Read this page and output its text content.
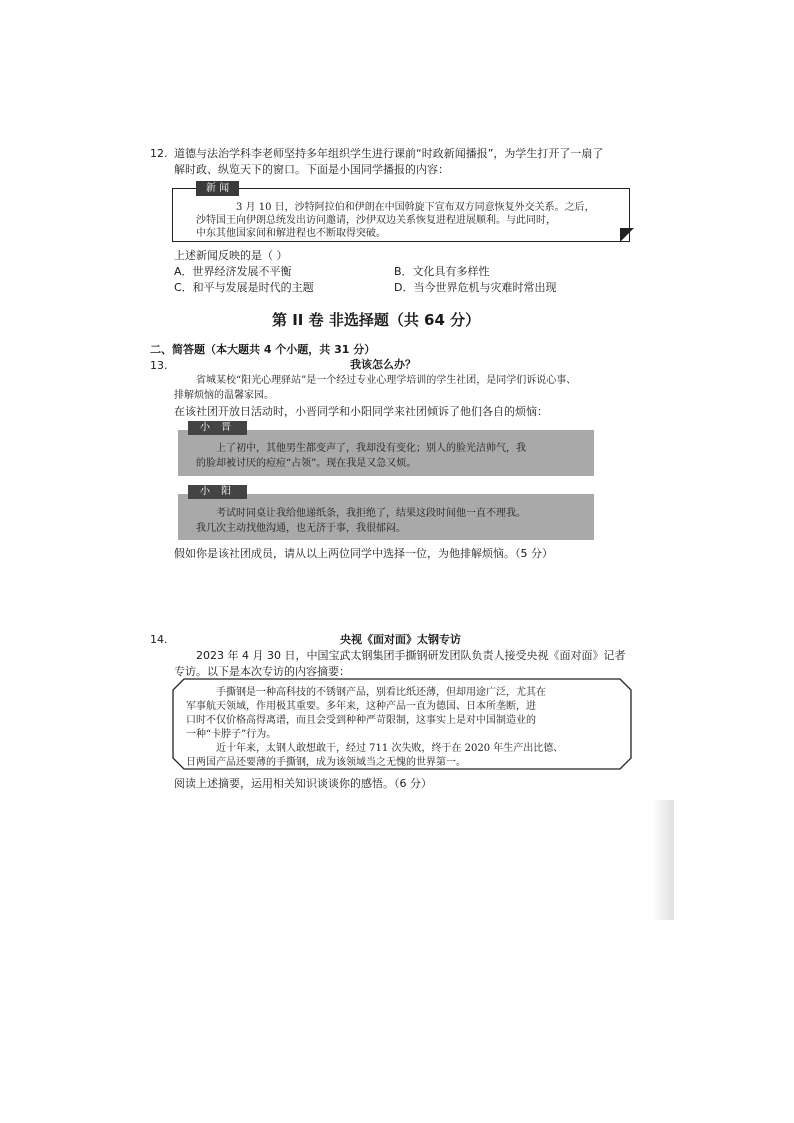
12. 道德与法治学科李老师坚持多年组织学生进行课前“时政新闻播报”，为学生打开了一扇了
解时政、纵览天下的窗口。下面是小国同学播报的内容：
新 闻
3 月 10 日，沙特阿拉伯和伊朗在中国斡旋下宣布双方同意恢复外交关系。之后，
沙特国王向伊朗总统发出访问邀请，沙伊双边关系恢复进程进展顺利。与此同时，
中东其他国家间和解进程也不断取得突破。
上述新闻反映的是（ ）
A．世界经济发展不平衡	B．文化具有多样性
C．和平与发展是时代的主题	D．当今世界危机与灾难时常出现
第 II 卷 非选择题（共 64 分）
二、简答题（本大题共 4 个小题，共 31 分）
13.	我该怎么办？
省城某校“阳光心理驿站”是一个经过专业心理学培训的学生社团，是同学们诉说心事、
排解烦恼的温馨家园。
在该社团开放日活动时，小晋同学和小阳同学来社团倾诉了他们各自的烦恼：
小 晋
上了初中，其他男生都变声了，我却没有变化；别人的脸光洁帅气，我
的脸却被讨厌的痘痘“占领”。现在我是又急又烦。
小 阳
考试时同桌让我给他递纸条，我拒绝了，结果这段时间他一直不理我。
我几次主动找他沟通，也无济于事，我很郁闷。
假如你是该社团成员，请从以上两位同学中选择一位，为他排解烦恼。（5 分）
14.	央视《面对面》太钢专访
2023 年 4 月 30 日，中国宝武太钢集团手撕钢研发团队负责人接受央视《面对面》记者
专访。以下是本次专访的内容摘要：
手撕钢是一种高科技的不锈钢产品，别看比纸还薄，但却用途广泛，尤其在
军事航天领域，作用极其重要。多年来，这种产品一直为德国、日本所垄断，进
口时不仅价格高得离谱，而且会受到种种严苛限制，这事实上是对中国制造业的
一种“卡脖子”行为。
近十年来，太钢人敢想敢干，经过 711 次失败，终于在 2020 年生产出比德、
日两国产品还要薄的手撕钢，成为该领域当之无愧的世界第一。
阅读上述摘要，运用相关知识谈谈你的感悟。（6 分）
